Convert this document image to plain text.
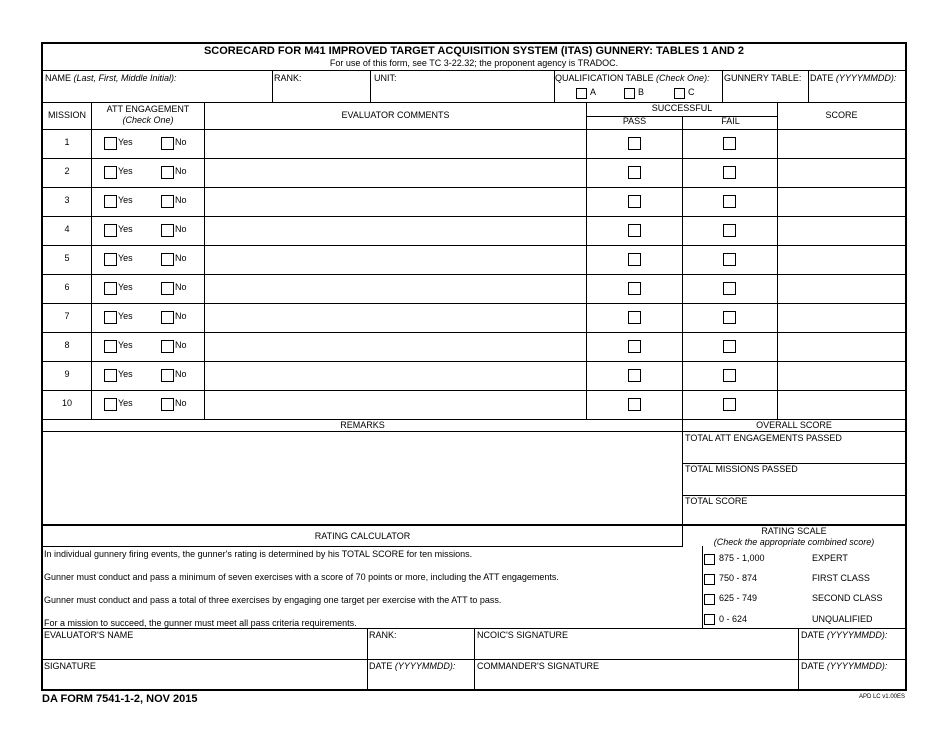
SCORECARD FOR M41 IMPROVED TARGET ACQUISITION SYSTEM (ITAS) GUNNERY: TABLES 1 AND 2
For use of this form, see TC 3-22.32; the proponent agency is TRADOC.
NAME (Last, First, Middle Initial):	RANK:	UNIT:	QUALIFICATION TABLE (Check One):
A	B	C
GUNNERY TABLE: DATE (YYYYMMDD):
MISSION
ATT ENGAGEMENT
(Check One)	EVALUATOR COMMENTS
SUCCESSFUL
PASS	FAIL
SCORE
1	Yes	No
2	Yes	No
3	Yes	No
4	Yes	No
5	Yes	No
6	Yes	No
7	Yes	No
8	Yes	No
9	Yes	No
10	Yes	No
REMARKS	OVERALL SCORE
TOTAL ATT ENGAGEMENTS PASSED
TOTAL MISSIONS PASSED
TOTAL SCORE
RATING CALCULATOR
In individual gunnery firing events, the gunner's rating is determined by his TOTAL SCORE for ten missions.
Gunner must conduct and pass a minimum of seven exercises with a score of 70 points or more, including the ATT engagements.
Gunner must conduct and pass a total of three exercises by engaging one target per exercise with the ATT to pass.
For a mission to succeed, the gunner must meet all pass criteria requirements.
RATING SCALE
(Check the appropriate combined score)
875 - 1,000	EXPERT
750 - 874	FIRST CLASS
625 - 749	SECOND CLASS
0 - 624	UNQUALIFIED
EVALUATOR'S NAME	RANK:	NCOIC'S SIGNATURE	DATE (YYYYMMDD):
SIGNATURE	DATE (YYYYMMDD): COMMANDER'S SIGNATURE	DATE (YYYYMMDD):
DA FORM 7541-1-2, NOV 2015	APD LC v1.00ES
